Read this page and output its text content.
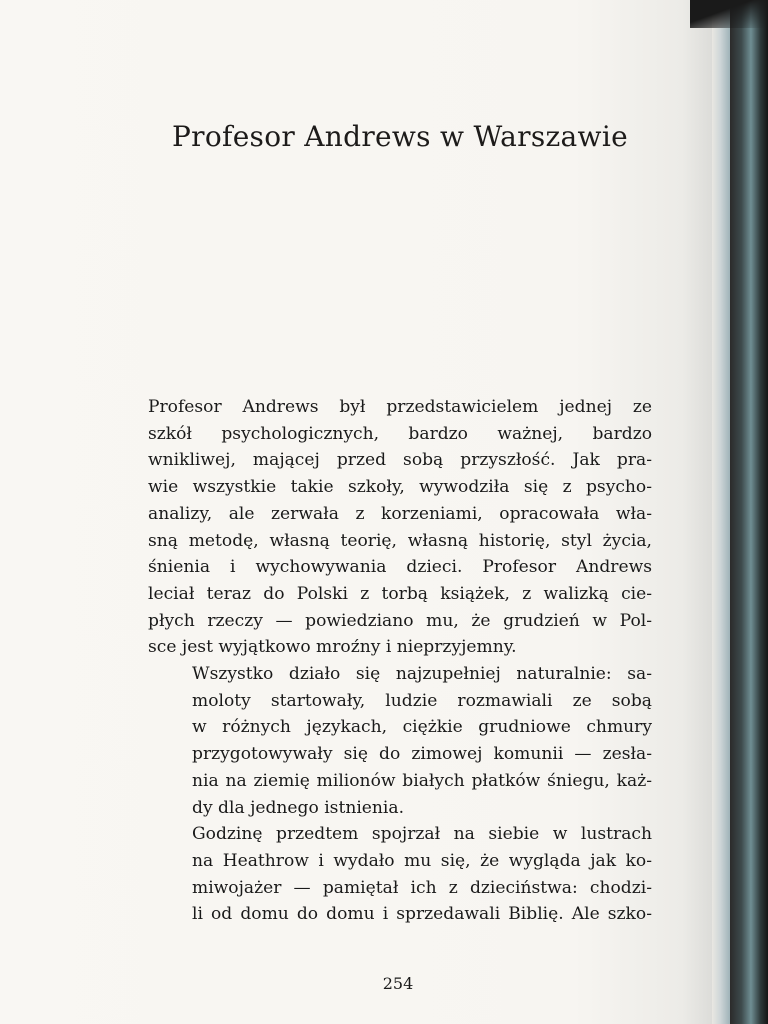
Profesor Andrews w Warszawie

Profesor Andrews był przedstawicielem jednej ze
szkół psychologicznych, bardzo ważnej, bardzo
wnikliwej, mającej przed sobą przyszłość. Jak pra-
wie wszystkie takie szkoły, wywodziła się z psycho-
analizy, ale zerwała z korzeniami, opracowała wła-
sną metodę, własną teorię, własną historię, styl życia,
śnienia i wychowywania dzieci. Profesor Andrews
leciał teraz do Polski z torbą książek, z walizką cie-
płych rzeczy — powiedziano mu, że grudzień w Pol-
sce jest wyjątkowo mroźny i nieprzyjemny.

Wszystko działo się najzupełniej naturalnie: sa-
moloty startowały, ludzie rozmawiali ze sobą
w różnych językach, ciężkie grudniowe chmury
przygotowywały się do zimowej komunii — zesła-
nia na ziemię milionów białych płatków śniegu, każ-
dy dla jednego istnienia.

Godzinę przedtem spojrzał na siebie w lustrach
na Heathrow i wydało mu się, że wygląda jak ko-
miwojażer — pamiętał ich z dzieciństwa: chodzi-
li od domu do domu i sprzedawali Biblię. Ale szko-

254
